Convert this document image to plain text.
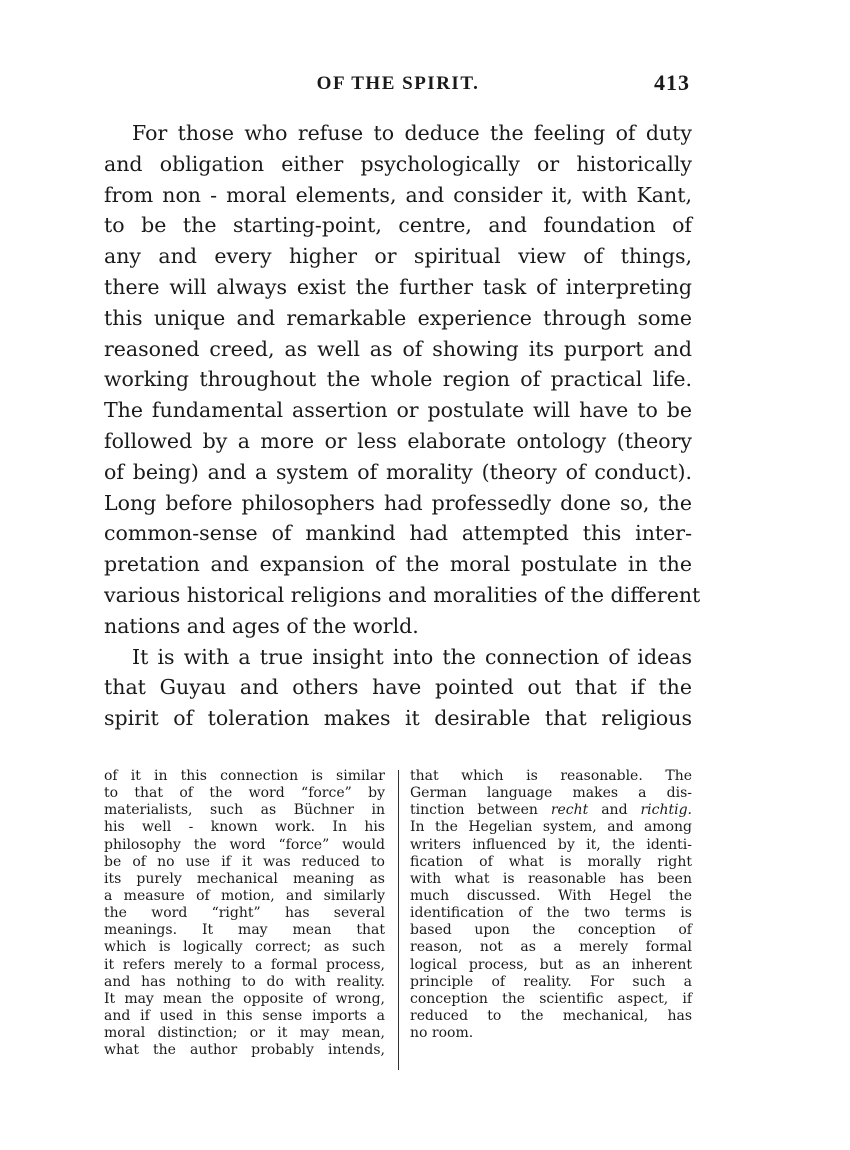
OF THE SPIRIT.	413
For those who refuse to deduce the feeling of duty
and obligation either psychologically or historically
from non - moral elements, and consider it, with Kant,
to be the starting-point, centre, and foundation of
any and every higher or spiritual view of things,
there will always exist the further task of interpreting
this unique and remarkable experience through some
reasoned creed, as well as of showing its purport and
working throughout the whole region of practical life.
The fundamental assertion or postulate will have to be
followed by a more or less elaborate ontology (theory
of being) and a system of morality (theory of conduct).
Long before philosophers had professedly done so, the
common-sense of mankind had attempted this inter-
pretation and expansion of the moral postulate in the
various historical religions and moralities of the different
nations and ages of the world.
It is with a true insight into the connection of ideas
that Guyau and others have pointed out that if the
spirit of toleration makes it desirable that religious
of it in this connection is similar
to that of the word “force” by
materialists, such as Büchner in
his well - known work. In his
philosophy the word “force” would
be of no use if it was reduced to
its purely mechanical meaning as
a measure of motion, and similarly
the word “right” has several
meanings. It may mean that
which is logically correct; as such
it refers merely to a formal process,
and has nothing to do with reality.
It may mean the opposite of wrong,
and if used in this sense imports a
moral distinction; or it may mean,
what the author probably intends,
that which is reasonable. The
German language makes a dis-
tinction between recht and richtig.
In the Hegelian system, and among
writers influenced by it, the identi-
fication of what is morally right
with what is reasonable has been
much discussed. With Hegel the
identification of the two terms is
based upon the conception of
reason, not as a merely formal
logical process, but as an inherent
principle of reality. For such a
conception the scientific aspect, if
reduced to the mechanical, has
no room.
